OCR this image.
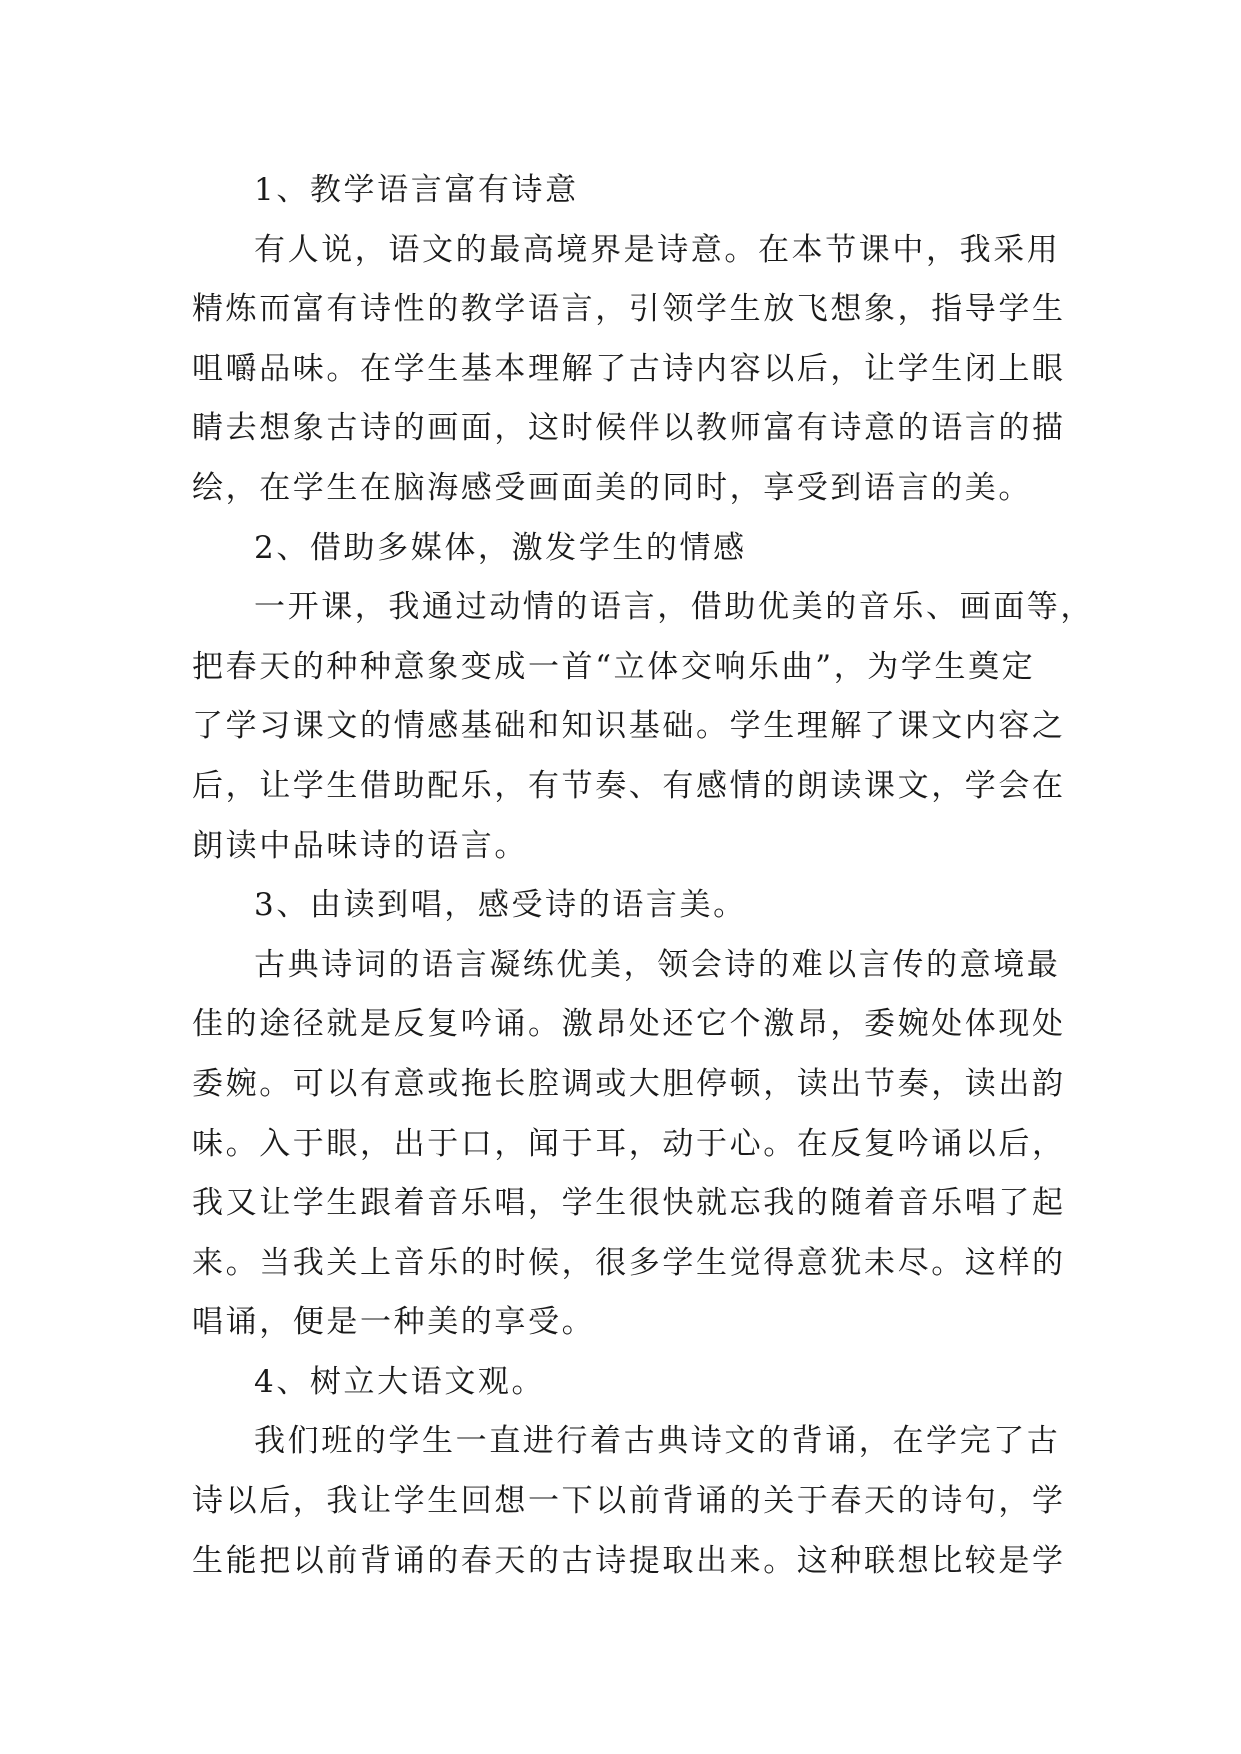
1、教学语言富有诗意
有人说，语文的最高境界是诗意。在本节课中，我采用
精炼而富有诗性的教学语言，引领学生放飞想象，指导学生
咀嚼品味。在学生基本理解了古诗内容以后，让学生闭上眼
睛去想象古诗的画面，这时候伴以教师富有诗意的语言的描
绘，在学生在脑海感受画面美的同时，享受到语言的美。
2、借助多媒体，激发学生的情感
一开课，我通过动情的语言，借助优美的音乐、画面等，
把春天的种种意象变成一首“立体交响乐曲”，为学生奠定
了学习课文的情感基础和知识基础。学生理解了课文内容之
后，让学生借助配乐，有节奏、有感情的朗读课文，学会在
朗读中品味诗的语言。
3、由读到唱，感受诗的语言美。
古典诗词的语言凝练优美，领会诗的难以言传的意境最
佳的途径就是反复吟诵。激昂处还它个激昂，委婉处体现处
委婉。可以有意或拖长腔调或大胆停顿，读出节奏，读出韵
味。入于眼，出于口，闻于耳，动于心。在反复吟诵以后，
我又让学生跟着音乐唱，学生很快就忘我的随着音乐唱了起
来。当我关上音乐的时候，很多学生觉得意犹未尽。这样的
唱诵，便是一种美的享受。
4、树立大语文观。
我们班的学生一直进行着古典诗文的背诵，在学完了古
诗以后，我让学生回想一下以前背诵的关于春天的诗句，学
生能把以前背诵的春天的古诗提取出来。这种联想比较是学
